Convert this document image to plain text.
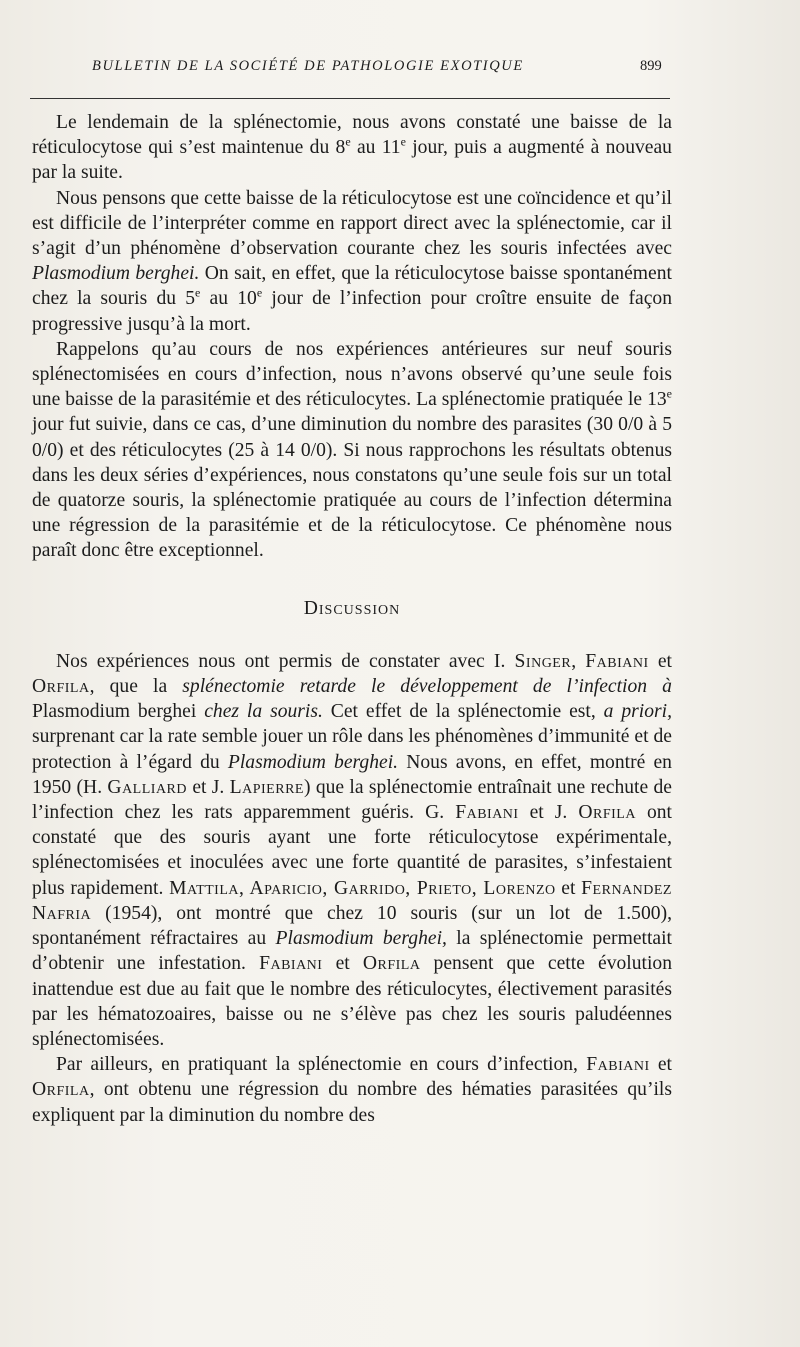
BULLETIN DE LA SOCIÉTÉ DE PATHOLOGIE EXOTIQUE	899

Le lendemain de la splénectomie, nous avons constaté une baisse de la réticulocytose qui s’est maintenue du 8e au 11e jour, puis a augmenté à nouveau par la suite.

Nous pensons que cette baisse de la réticulocytose est une coïncidence et qu’il est difficile de l’interpréter comme en rapport direct avec la splénectomie, car il s’agit d’un phénomène d’observation courante chez les souris infectées avec Plasmodium berghei. On sait, en effet, que la réticulocytose baisse spontanément chez la souris du 5e au 10e jour de l’infection pour croître ensuite de façon progressive jusqu’à la mort.

Rappelons qu’au cours de nos expériences antérieures sur neuf souris splénectomisées en cours d’infection, nous n’avons observé qu’une seule fois une baisse de la parasitémie et des réticulocytes. La splénectomie pratiquée le 13e jour fut suivie, dans ce cas, d’une diminution du nombre des parasites (30 0/0 à 5 0/0) et des réticulocytes (25 à 14 0/0). Si nous rapprochons les résultats obtenus dans les deux séries d’expériences, nous constatons qu’une seule fois sur un total de quatorze souris, la splénectomie pratiquée au cours de l’infection détermina une régression de la parasitémie et de la réticulocytose. Ce phénomène nous paraît donc être exceptionnel.

Discussion

Nos expériences nous ont permis de constater avec I. Singer, Fabiani et Orfila, que la splénectomie retarde le développement de l’infection à Plasmodium berghei chez la souris. Cet effet de la splénectomie est, a priori, surprenant car la rate semble jouer un rôle dans les phénomènes d’immunité et de protection à l’égard du Plasmodium berghei. Nous avons, en effet, montré en 1950 (H. Galliard et J. Lapierre) que la splénectomie entraînait une rechute de l’infection chez les rats apparemment guéris. G. Fabiani et J. Orfila ont constaté que des souris ayant une forte réticulocytose expérimentale, splénectomisées et inoculées avec une forte quantité de parasites, s’infestaient plus rapidement. Mattila, Aparicio, Garrido, Prieto, Lorenzo et Fernandez Nafria (1954), ont montré que chez 10 souris (sur un lot de 1.500), spontanément réfractaires au Plasmodium berghei, la splénectomie permettait d’obtenir une infestation. Fabiani et Orfila pensent que cette évolution inattendue est due au fait que le nombre des réticulocytes, électivement parasités par les hématozoaires, baisse ou ne s’élève pas chez les souris paludéennes splénectomisées.

Par ailleurs, en pratiquant la splénectomie en cours d’infection, Fabiani et Orfila, ont obtenu une régression du nombre des hématies parasitées qu’ils expliquent par la diminution du nombre des
